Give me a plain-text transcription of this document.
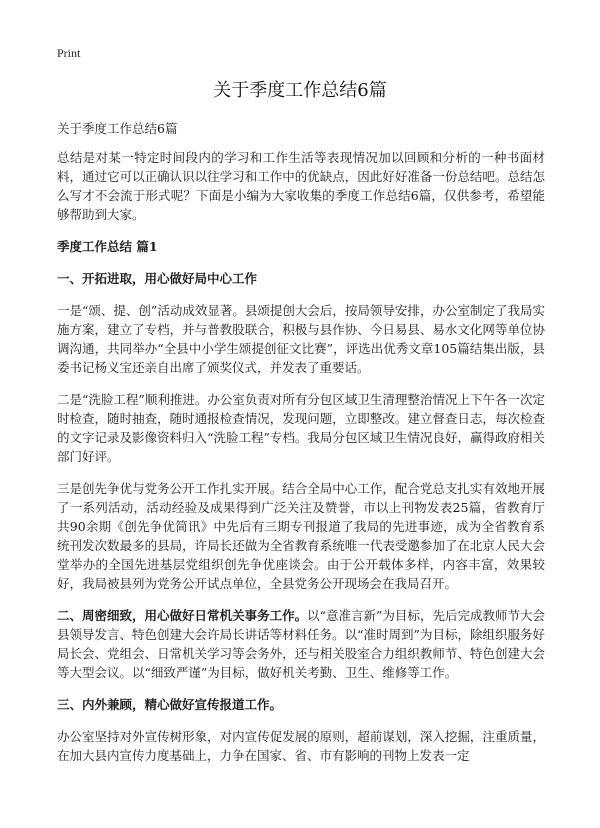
Print
关于季度工作总结6篇

关于季度工作总结6篇

总结是对某一特定时间段内的学习和工作生活等表现情况加以回顾和分析的一种书面材料，通过它可以正确认识以往学习和工作中的优缺点，因此好好准备一份总结吧。总结怎么写才不会流于形式呢？下面是小编为大家收集的季度工作总结6篇，仅供参考，希望能够帮助到大家。

季度工作总结 篇1
一、开拓进取，用心做好局中心工作

一是“颂、提、创”活动成效显著。县颂提创大会后，按局领导安排，办公室制定了我局实施方案，建立了专档，并与普教股联合，积极与县作协、今日易县、易水文化网等单位协调沟通，共同举办“全县中小学生颂提创征文比赛”，评选出优秀文章105篇结集出版，县委书记杨义宝还亲自出席了颁奖仪式，并发表了重要话。

二是“洗脸工程”顺利推进。办公室负责对所有分包区域卫生清理整治情况上下午各一次定时检查，随时抽查，随时通报检查情况，发现问题，立即整改。建立督查日志，每次检查的文字记录及影像资料归入“洗脸工程”专档。我局分包区域卫生情况良好，赢得政府相关部门好评。

三是创先争优与党务公开工作扎实开展。结合全局中心工作，配合党总支扎实有效地开展了一系列活动，活动经验及成果得到广泛关注及赞誉，市以上刊物发表25篇，省教育厅共90余期《创先争优简讯》中先后有三期专刊报道了我局的先进事迹，成为全省教育系统刊发次数最多的县局，许局长还做为全省教育系统唯一代表受邀参加了在北京人民大会堂举办的全国先进基层党组织创先争优座谈会。由于公开载体多样，内容丰富，效果较好，我局被县列为党务公开试点单位，全县党务公开现场会在我局召开。

二、周密细致，用心做好日常机关事务工作。以“意准言新”为目标，先后完成教师节大会县领导发言、特色创建大会许局长讲话等材料任务。以“准时周到”为目标，除组织服务好局长会、党组会、日常机关学习等会务外，还与相关股室合力组织教师节、特色创建大会等大型会议。以“细致严谨”为目标，做好机关考勤、卫生、维修等工作。

三、内外兼顾，精心做好宣传报道工作。

办公室坚持对外宣传树形象，对内宣传促发展的原则，超前谋划，深入挖掘，注重质量，在加大县内宣传力度基础上，力争在国家、省、市有影响的刊物上发表一定
